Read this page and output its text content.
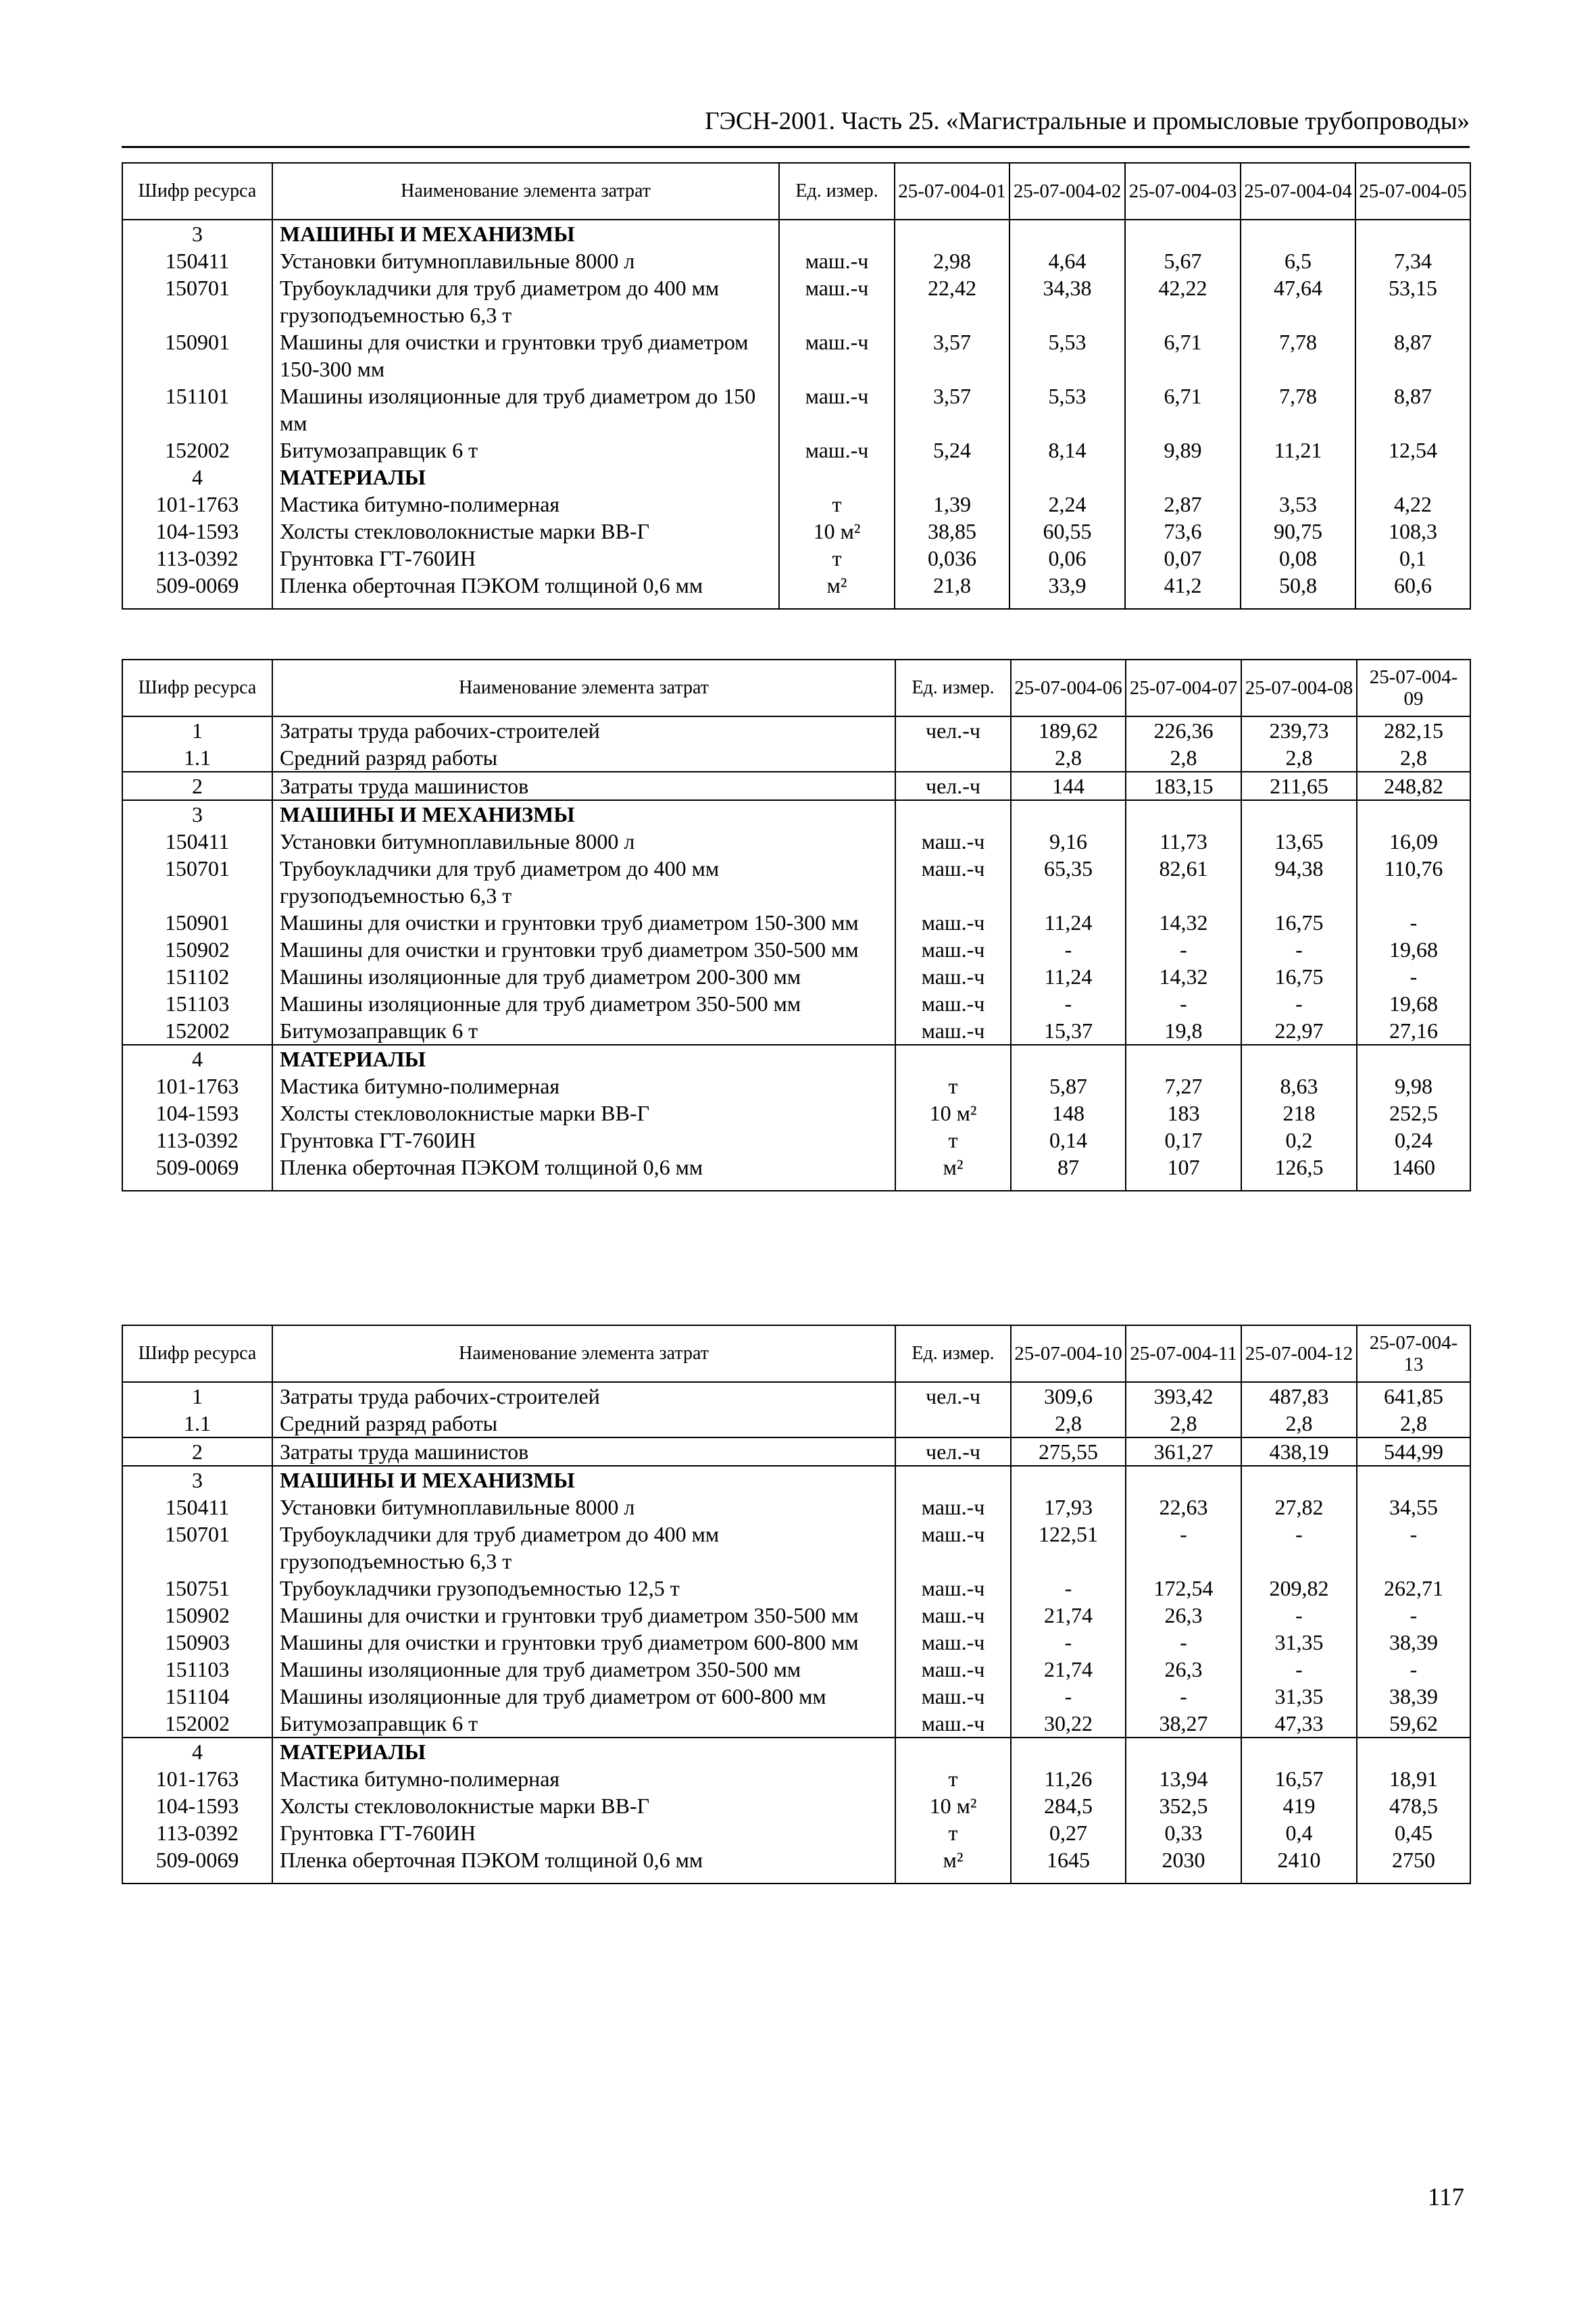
ГЭСН-2001. Часть 25. «Магистральные и промысловые трубопроводы»
Шифр ресурса	Наименование элемента затрат	Ед. измер.	25-07-004-01	25-07-004-02	25-07-004-03	25-07-004-04	25-07-004-05
3	МАШИНЫ И МЕХАНИЗМЫ						
150411	Установки битумноплавильные 8000 л	маш.-ч	2,98	4,64	5,67	6,5	7,34
150701	Трубоукладчики для труб диаметром до 400 мм грузоподъемностью 6,3 т	маш.-ч	22,42	34,38	42,22	47,64	53,15
150901	Машины для очистки и грунтовки труб диаметром 150-300 мм	маш.-ч	3,57	5,53	6,71	7,78	8,87
151101	Машины изоляционные для труб диаметром до 150 мм	маш.-ч	3,57	5,53	6,71	7,78	8,87
152002	Битумозаправщик 6 т	маш.-ч	5,24	8,14	9,89	11,21	12,54
4	МАТЕРИАЛЫ						
101-1763	Мастика битумно-полимерная	т	1,39	2,24	2,87	3,53	4,22
104-1593	Холсты стекловолокнистые марки ВВ-Г	10 м²	38,85	60,55	73,6	90,75	108,3
113-0392	Грунтовка ГТ-760ИН	т	0,036	0,06	0,07	0,08	0,1
509-0069	Пленка оберточная ПЭКОМ толщиной 0,6 мм	м²	21,8	33,9	41,2	50,8	60,6

Шифр ресурса	Наименование элемента затрат	Ед. измер.	25-07-004-06	25-07-004-07	25-07-004-08	25-07-004-09
1	Затраты труда рабочих-строителей	чел.-ч	189,62	226,36	239,73	282,15
1.1	Средний разряд работы		2,8	2,8	2,8	2,8
2	Затраты труда машинистов	чел.-ч	144	183,15	211,65	248,82
3	МАШИНЫ И МЕХАНИЗМЫ					
150411	Установки битумноплавильные 8000 л	маш.-ч	9,16	11,73	13,65	16,09
150701	Трубоукладчики для труб диаметром до 400 мм грузоподъемностью 6,3 т	маш.-ч	65,35	82,61	94,38	110,76
150901	Машины для очистки и грунтовки труб диаметром 150-300 мм	маш.-ч	11,24	14,32	16,75	-
150902	Машины для очистки и грунтовки труб диаметром 350-500 мм	маш.-ч	-	-	-	19,68
151102	Машины изоляционные для труб диаметром 200-300 мм	маш.-ч	11,24	14,32	16,75	-
151103	Машины изоляционные для труб диаметром 350-500 мм	маш.-ч	-	-	-	19,68
152002	Битумозаправщик 6 т	маш.-ч	15,37	19,8	22,97	27,16
4	МАТЕРИАЛЫ					
101-1763	Мастика битумно-полимерная	т	5,87	7,27	8,63	9,98
104-1593	Холсты стекловолокнистые марки ВВ-Г	10 м²	148	183	218	252,5
113-0392	Грунтовка ГТ-760ИН	т	0,14	0,17	0,2	0,24
509-0069	Пленка оберточная ПЭКОМ толщиной 0,6 мм	м²	87	107	126,5	1460

Шифр ресурса	Наименование элемента затрат	Ед. измер.	25-07-004-10	25-07-004-11	25-07-004-12	25-07-004-13
1	Затраты труда рабочих-строителей	чел.-ч	309,6	393,42	487,83	641,85
1.1	Средний разряд работы		2,8	2,8	2,8	2,8
2	Затраты труда машинистов	чел.-ч	275,55	361,27	438,19	544,99
3	МАШИНЫ И МЕХАНИЗМЫ					
150411	Установки битумноплавильные 8000 л	маш.-ч	17,93	22,63	27,82	34,55
150701	Трубоукладчики для труб диаметром до 400 мм грузоподъемностью 6,3 т	маш.-ч	122,51	-	-	-
150751	Трубоукладчики грузоподъемностью 12,5 т	маш.-ч	-	172,54	209,82	262,71
150902	Машины для очистки и грунтовки труб диаметром 350-500 мм	маш.-ч	21,74	26,3	-	-
150903	Машины для очистки и грунтовки труб диаметром 600-800 мм	маш.-ч	-	-	31,35	38,39
151103	Машины изоляционные для труб диаметром 350-500 мм	маш.-ч	21,74	26,3	-	-
151104	Машины изоляционные для труб диаметром от 600-800 мм	маш.-ч	-	-	31,35	38,39
152002	Битумозаправщик 6 т	маш.-ч	30,22	38,27	47,33	59,62
4	МАТЕРИАЛЫ					
101-1763	Мастика битумно-полимерная	т	11,26	13,94	16,57	18,91
104-1593	Холсты стекловолокнистые марки ВВ-Г	10 м²	284,5	352,5	419	478,5
113-0392	Грунтовка ГТ-760ИН	т	0,27	0,33	0,4	0,45
509-0069	Пленка оберточная ПЭКОМ толщиной 0,6 мм	м²	1645	2030	2410	2750

117
